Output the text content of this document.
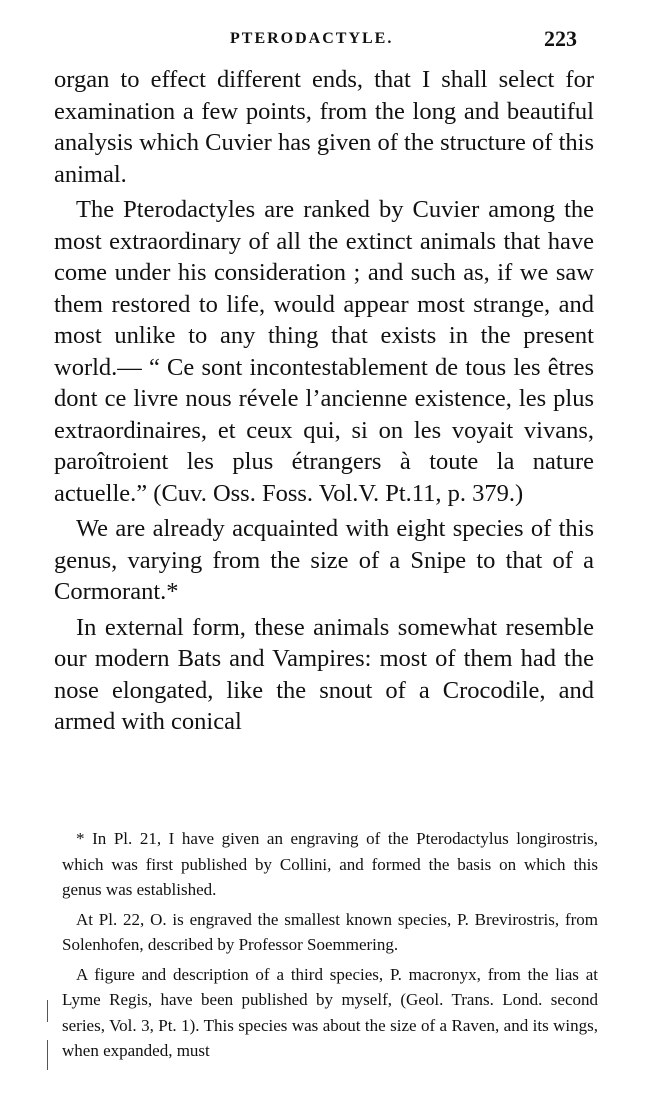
PTERODACTYLE.	223

organ to effect different ends, that I shall select for examination a few points, from the long and beautiful analysis which Cuvier has given of the structure of this animal.

The Pterodactyles are ranked by Cuvier among the most extraordinary of all the extinct animals that have come under his consideration ; and such as, if we saw them restored to life, would appear most strange, and most unlike to any thing that exists in the present world.— “ Ce sont incontestablement de tous les êtres dont ce livre nous révele l’ancienne existence, les plus extraordinaires, et ceux qui, si on les voyait vivans, paroîtroient les plus étrangers à toute la nature actuelle.” (Cuv. Oss. Foss. Vol.V. Pt.11, p. 379.)

We are already acquainted with eight species of this genus, varying from the size of a Snipe to that of a Cormorant.*

In external form, these animals somewhat resemble our modern Bats and Vampires: most of them had the nose elongated, like the snout of a Crocodile, and armed with conical

* In Pl. 21, I have given an engraving of the Pterodactylus longirostris, which was first published by Collini, and formed the basis on which this genus was established.

At Pl. 22, O. is engraved the smallest known species, P. Brevirostris, from Solenhofen, described by Professor Soemmering.

A figure and description of a third species, P. macronyx, from the lias at Lyme Regis, have been published by myself, (Geol. Trans. Lond. second series, Vol. 3, Pt. 1). This species was about the size of a Raven, and its wings, when expanded, must
